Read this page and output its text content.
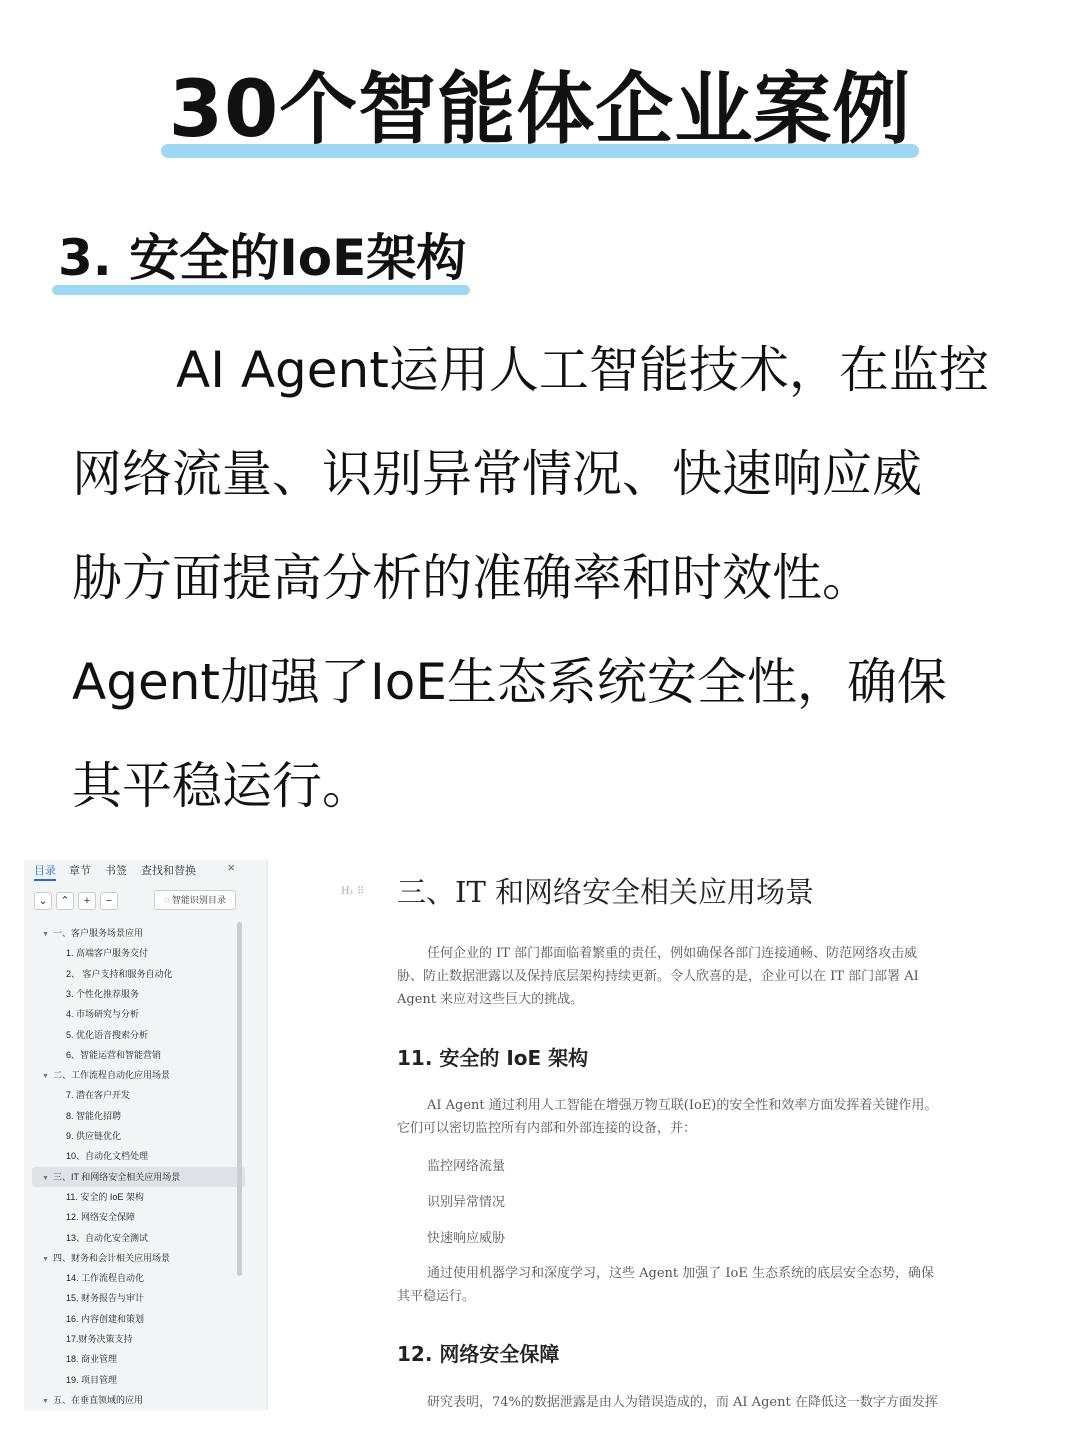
30个智能体企业案例
3. 安全的IoE架构

AI Agent运用人工智能技术，在监控

网络流量、识别异常情况、快速响应威

胁方面提高分析的准确率和时效性。

Agent加强了IoE生态系统安全性，确保

其平稳运行。

目录 章节 书签 查找和替换 ×
⌄	⌃	+	−	◌ 智能识别目录
▼ 一、客户服务场景应用
1. 高端客户服务交付
2、 客户支持和服务自动化
3. 个性化推荐服务
4. 市场研究与分析
5. 优化语音搜索分析
6、智能运营和智能营销
▼ 二、工作流程自动化应用场景
7. 潜在客户开发
8. 智能化招聘
9. 供应链优化
10、自动化文档处理
▼ 三、IT 和网络安全相关应用场景
11. 安全的 IoE 架构
12. 网络安全保障
13、自动化安全测试
▼ 四、财务和会计相关应用场景
14. 工作流程自动化
15. 财务报告与审计
16. 内容创建和策划
17.财务决策支持
18. 商业管理
19. 项目管理
▼ 五、在垂直领域的应用
H₁ ⠿ 三、IT 和网络安全相关应用场景
任何企业的 IT 部门都面临着繁重的责任，例如确保各部门连接通畅、防范网络攻击威
胁、防止数据泄露以及保持底层架构持续更新。令人欣喜的是，企业可以在 IT 部门部署 AI
Agent 来应对这些巨大的挑战。
11. 安全的 IoE 架构
AI Agent 通过利用人工智能在增强万物互联(IoE)的安全性和效率方面发挥着关键作用。
它们可以密切监控所有内部和外部连接的设备，并：
监控网络流量
识别异常情况
快速响应威胁
通过使用机器学习和深度学习，这些 Agent 加强了 IoE 生态系统的底层安全态势，确保
其平稳运行。
12. 网络安全保障
研究表明，74%的数据泄露是由人为错误造成的，而 AI Agent 在降低这一数字方面发挥
